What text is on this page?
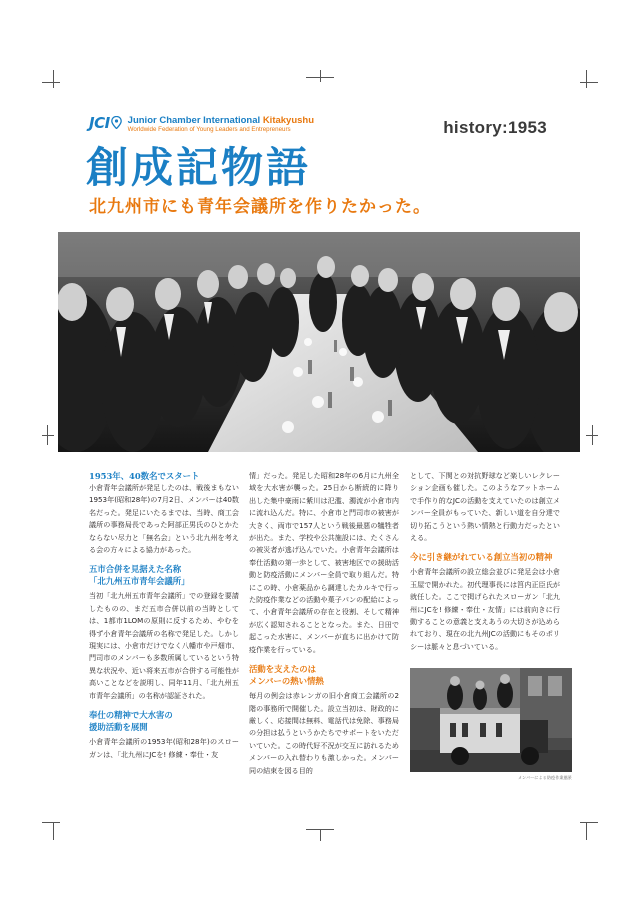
JCI Junior Chamber International Kitakyushu
Worldwide Federation of Young Leaders and Entrepreneurs	history:1953
創成記物語
北九州市にも青年会議所を作りたかった。

1953年、40数名でスタート

小倉青年会議所が発足したのは、戦後まもない1953年(昭和28年)の7月2日、メンバーは40数名だった。発足にいたるまでは、当時、商工会議所の事務局長であった阿部正男氏のひとかたならない尽力と「無名会」という北九州を考える会の方々による協力があった。

五市合併を見据えた名称

「北九州五市青年会議所」

当初「北九州五市青年会議所」での登録を要請したものの、まだ五市合併以前の当時としては、1都市1LOMの原則に反するため、やむを得ず小倉青年会議所の名称で発足した。しかし現実には、小倉市だけでなく八幡市や戸畑市、門司市のメンバーも多数所属しているという特異な状況や、近い将来五市が合併する可能性が高いことなどを説明し、同年11月、「北九州五市青年会議所」の名称が認証された。

奉仕の精神で大水害の

援助活動を展開

小倉青年会議所の1953年(昭和28年)のスローガンは、「北九州にJCを! 修練・奉仕・友

情」だった。発足した昭和28年の6月に九州全域を大水害が襲った。25日から断続的に降り出した集中豪雨に紫川は氾濫、濁流が小倉市内に流れ込んだ。特に、小倉市と門司市の被害が大きく、両市で157人という戦後最悪の犠牲者が出た。また、学校や公共施設には、たくさんの被災者が逃げ込んでいた。小倉青年会議所は奉仕活動の第一歩として、被害地区での援助活動と防疫活動にメンバー全員で取り組んだ。特にこの時、小倉薬品から調達したカルキで行った防疫作業などの活動や菓子パンの配給によって、小倉青年会議所の存在と役割、そして精神が広く認知されることとなった。また、日田で起こった水害に、メンバーが直ちに出かけて防疫作業を行っている。

活動を支えたのは

メンバーの熱い情熱

毎月の例会は赤レンガの旧小倉商工会議所の2階の事務所で開催した。設立当初は、財政的に厳しく、応接間は無料、電話代は免除、事務局の分担は払うというかたちでサポートをいただいていた。この時代好不況が交互に訪れるためメンバーの入れ替わりも激しかった。メンバー同の結束を図る目的

として、下関との対抗野球など楽しいレクレーション企画も催した。このようなアットホームで手作り的なJCの活動を支えていたのは創立メンバー全員がもっていた、新しい道を自分達で切り拓こうという熱い情熱と行動力だったといえる。

今に引き継がれている創立当初の精神

小倉青年会議所の設立総会並びに発足会は小倉玉屋で開かれた。初代理事長には筥内正臣氏が就任した。ここで掲げられたスローガン「北九州にJCを! 修練・奉仕・友情」には前向きに行動することの意義と支えあうの大切さが込められており、現在の北九州JCの活動にもそのポリシーは脈々と息づいている。

メンバーによる防疫作業風景
